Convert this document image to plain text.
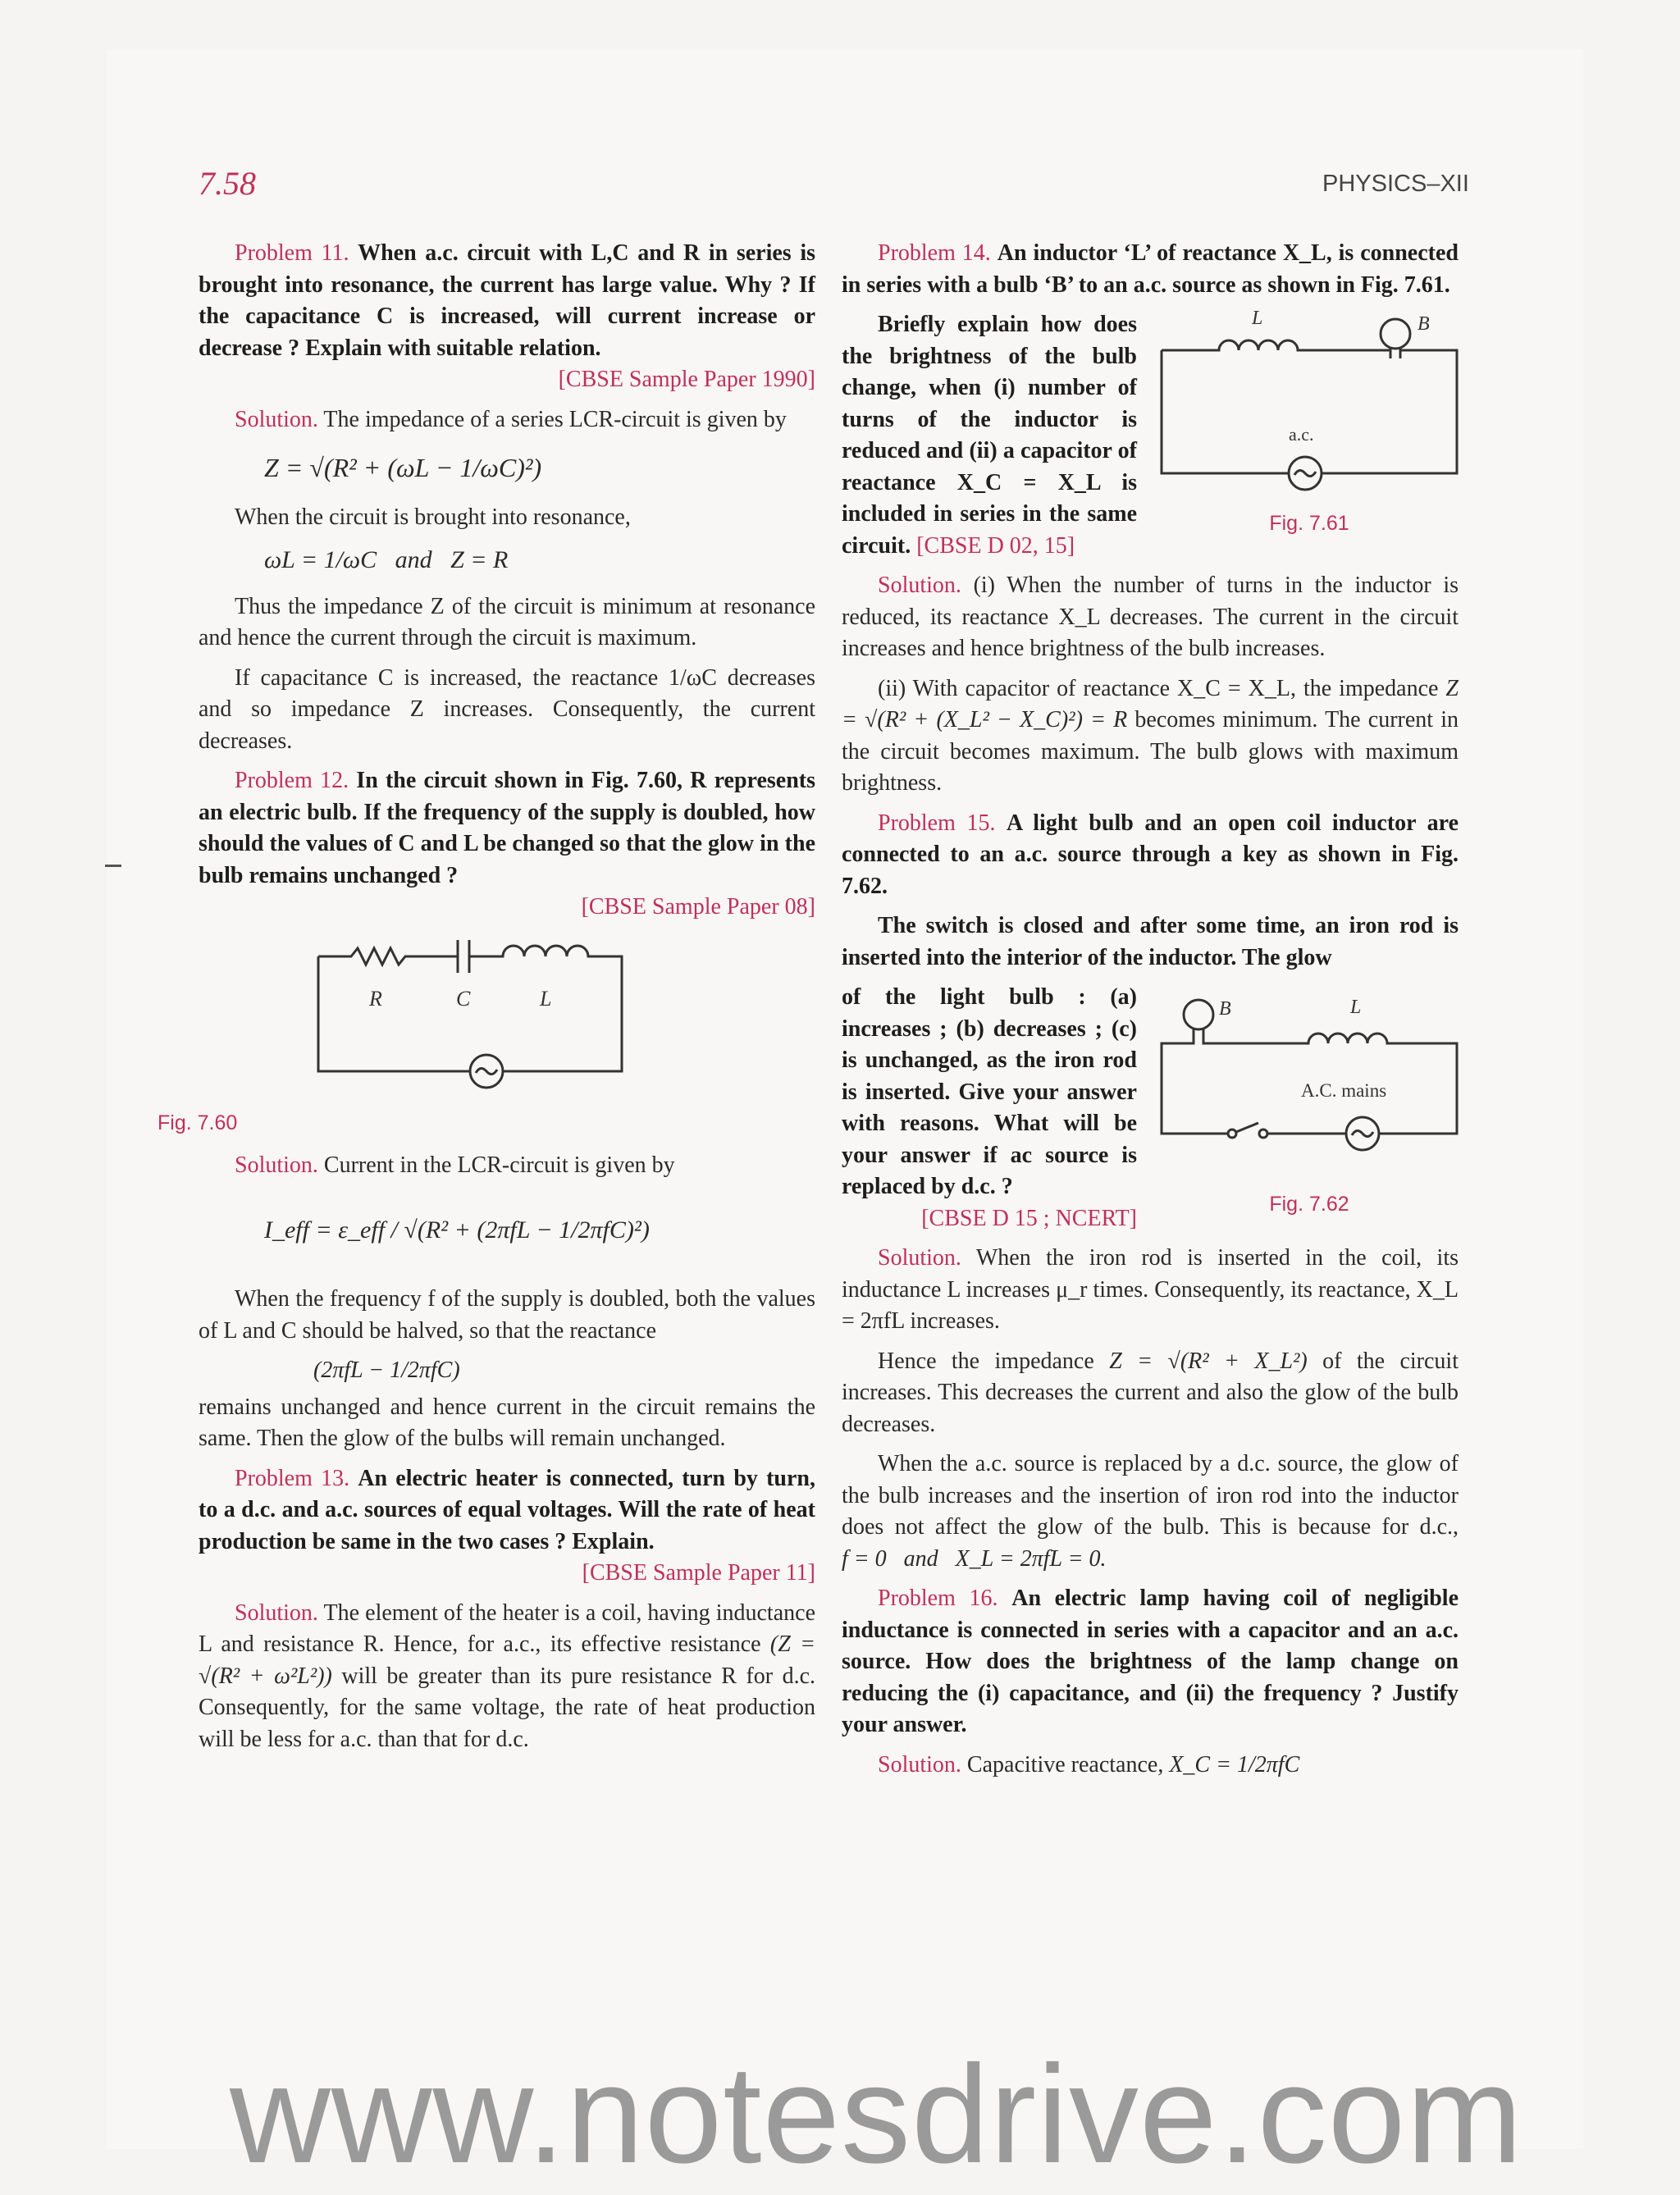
7.58	PHYSICS–XII

Problem 11. When a.c. circuit with L,C and R in series is brought into resonance, the current has large value. Why ? If the capacitance C is increased, will current increase or decrease ? Explain with suitable relation.
[CBSE Sample Paper 1990]

Solution. The impedance of a series LCR-circuit is given by

Z = √(R² + (ωL − 1/ωC)²)

When the circuit is brought into resonance,

ωL = 1/ωC   and   Z = R

Thus the impedance Z of the circuit is minimum at resonance and hence the current through the circuit is maximum.

If capacitance C is increased, the reactance 1/ωC decreases and so impedance Z increases. Consequently, the current decreases.

Problem 12. In the circuit shown in Fig. 7.60, R represents an electric bulb. If the frequency of the supply is doubled, how should the values of C and L be changed so that the glow in the bulb remains unchanged ?
[CBSE Sample Paper 08]

R	C	L
Fig. 7.60

Solution. Current in the LCR-circuit is given by

I_eff = ε_eff / √(R² + (2πfL − 1/2πfC)²)

When the frequency f of the supply is doubled, both the values of L and C should be halved, so that the reactance

(2πfL − 1/2πfC)

remains unchanged and hence current in the circuit remains the same. Then the glow of the bulbs will remain unchanged.

Problem 13. An electric heater is connected, turn by turn, to a d.c. and a.c. sources of equal voltages. Will the rate of heat production be same in the two cases ? Explain.
[CBSE Sample Paper 11]

Solution. The element of the heater is a coil, having inductance L and resistance R. Hence, for a.c., its effective resistance (Z = √(R² + ω²L²)) will be greater than its pure resistance R for d.c. Consequently, for the same voltage, the rate of heat production will be less for a.c. than that for d.c.

Problem 14. An inductor ‘L’ of reactance X_L, is connected in series with a bulb ‘B’ to an a.c. source as shown in Fig. 7.61.

Briefly explain how does the brightness of the bulb change, when (i) number of turns of the inductor is reduced and (ii) a capacitor of reactance X_C = X_L is included in series in the same circuit. [CBSE D 02, 15]

L	B
a.c.
Fig. 7.61

Solution. (i) When the number of turns in the inductor is reduced, its reactance X_L decreases. The current in the circuit increases and hence brightness of the bulb increases.

(ii) With capacitor of reactance X_C = X_L, the impedance Z = √(R² + (X_L² − X_C)²) = R becomes minimum. The current in the circuit becomes maximum. The bulb glows with maximum brightness.

Problem 15. A light bulb and an open coil inductor are connected to an a.c. source through a key as shown in Fig. 7.62.

The switch is closed and after some time, an iron rod is inserted into the interior of the inductor. The glow

of the light bulb : (a) increases ; (b) decreases ; (c) is unchanged, as the iron rod is inserted. Give your answer with reasons. What will be your answer if ac source is replaced by d.c. ?
[CBSE D 15 ; NCERT]

B	L
A.C. mains
Fig. 7.62

Solution. When the iron rod is inserted in the coil, its inductance L increases μ_r times. Consequently, its reactance, X_L = 2πfL increases.

Hence the impedance Z = √(R² + X_L²) of the circuit increases. This decreases the current and also the glow of the bulb decreases.

When the a.c. source is replaced by a d.c. source, the glow of the bulb increases and the insertion of iron rod into the inductor does not affect the glow of the bulb. This is because for d.c., f = 0   and   X_L = 2πfL = 0.

Problem 16. An electric lamp having coil of negligible inductance is connected in series with a capacitor and an a.c. source. How does the brightness of the lamp change on reducing the (i) capacitance, and (ii) the frequency ? Justify your answer.

Solution. Capacitive reactance, X_C = 1/2πfC

www.notesdrive.com
